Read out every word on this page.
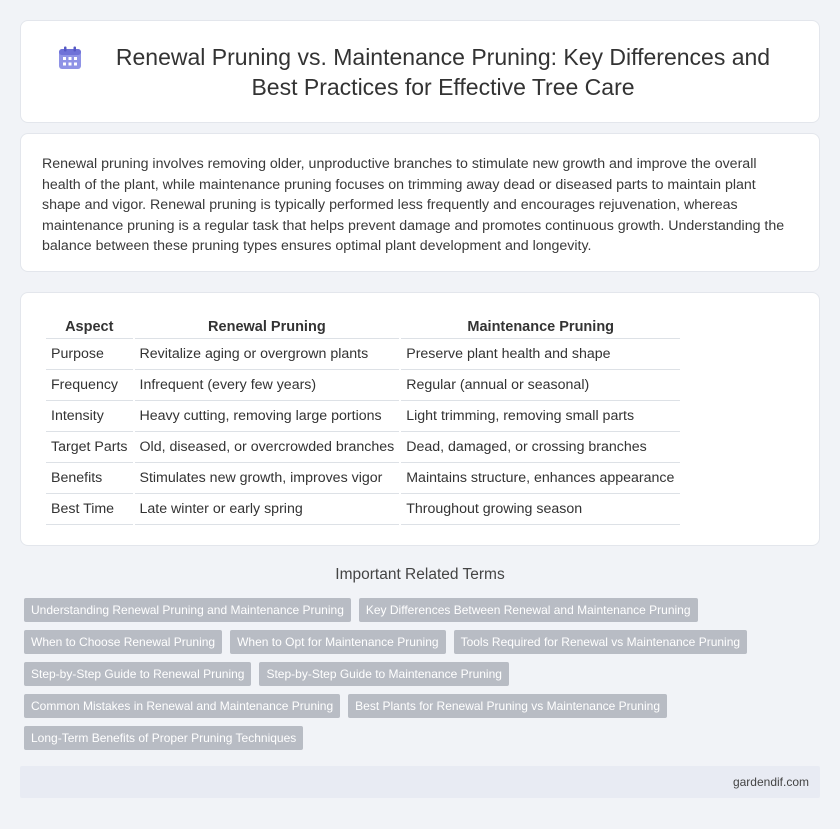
Renewal Pruning vs. Maintenance Pruning: Key Differences and Best Practices for Effective Tree Care

Renewal pruning involves removing older, unproductive branches to stimulate new growth and improve the overall health of the plant, while maintenance pruning focuses on trimming away dead or diseased parts to maintain plant shape and vigor. Renewal pruning is typically performed less frequently and encourages rejuvenation, whereas maintenance pruning is a regular task that helps prevent damage and promotes continuous growth. Understanding the balance between these pruning types ensures optimal plant development and longevity.

Aspect	Renewal Pruning	Maintenance Pruning
Purpose	Revitalize aging or overgrown plants	Preserve plant health and shape
Frequency	Infrequent (every few years)	Regular (annual or seasonal)
Intensity	Heavy cutting, removing large portions	Light trimming, removing small parts
Target Parts	Old, diseased, or overcrowded branches	Dead, damaged, or crossing branches
Benefits	Stimulates new growth, improves vigor	Maintains structure, enhances appearance
Best Time	Late winter or early spring	Throughout growing season
Important Related Terms
Understanding Renewal Pruning and Maintenance Pruning	Key Differences Between Renewal and Maintenance Pruning
When to Choose Renewal Pruning	When to Opt for Maintenance Pruning	Tools Required for Renewal vs Maintenance Pruning
Step-by-Step Guide to Renewal Pruning	Step-by-Step Guide to Maintenance Pruning
Common Mistakes in Renewal and Maintenance Pruning	Best Plants for Renewal Pruning vs Maintenance Pruning
Long-Term Benefits of Proper Pruning Techniques
gardendif.com
